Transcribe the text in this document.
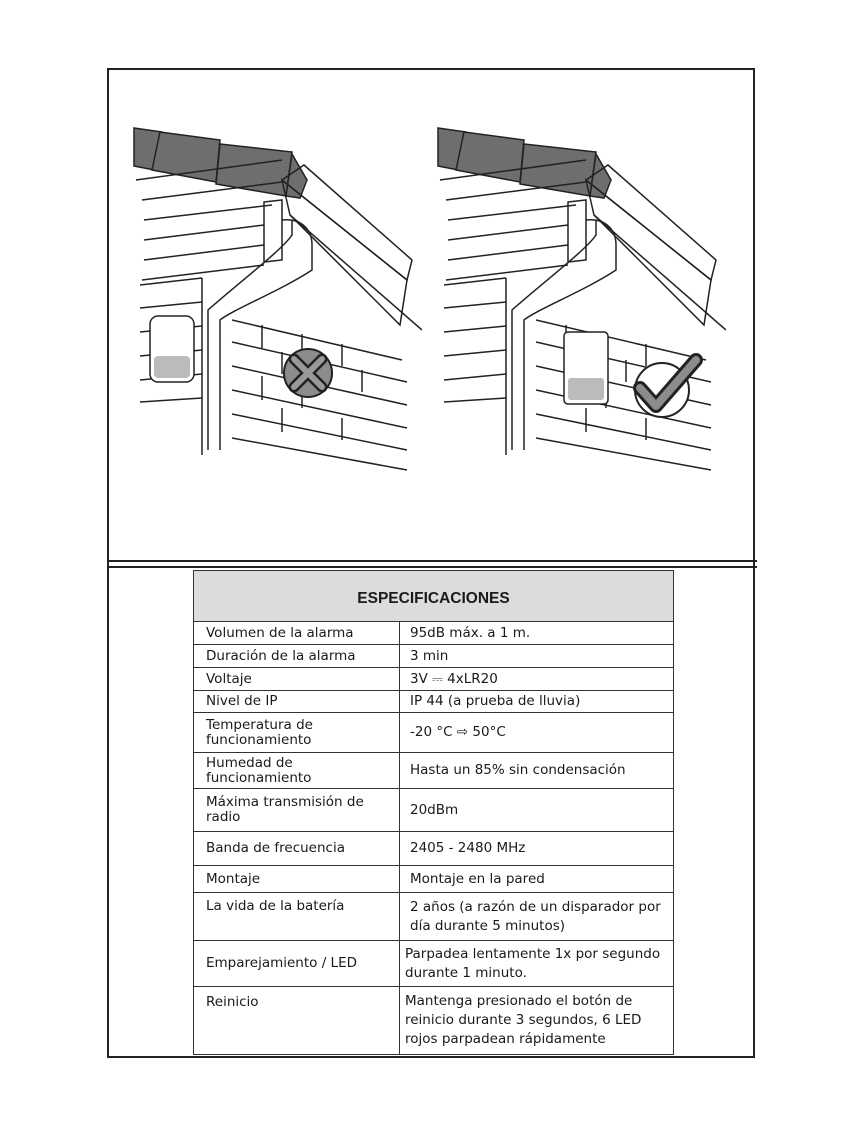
ESPECIFICACIONES	
Volumen de la alarma	95dB máx. a 1 m.
Duración de la alarma	3 min
Voltaje	3V ⎓ 4xLR20
Nivel de IP	IP 44 (a prueba de lluvia)
Temperatura de funcionamiento	-20 °C ⇨ 50°C
Humedad de funcionamiento	Hasta un 85% sin condensación
Máxima transmisión de radio	20dBm
Banda de frecuencia	2405 - 2480 MHz
Montaje	Montaje en la pared
La vida de la batería	2 años (a razón de un disparador por día durante 5 minutos)
Emparejamiento / LED	Parpadea lentamente 1x por segundo durante 1 minuto.
Reinicio	Mantenga presionado el botón de reinicio durante 3 segundos, 6 LED rojos parpadean rápidamente
